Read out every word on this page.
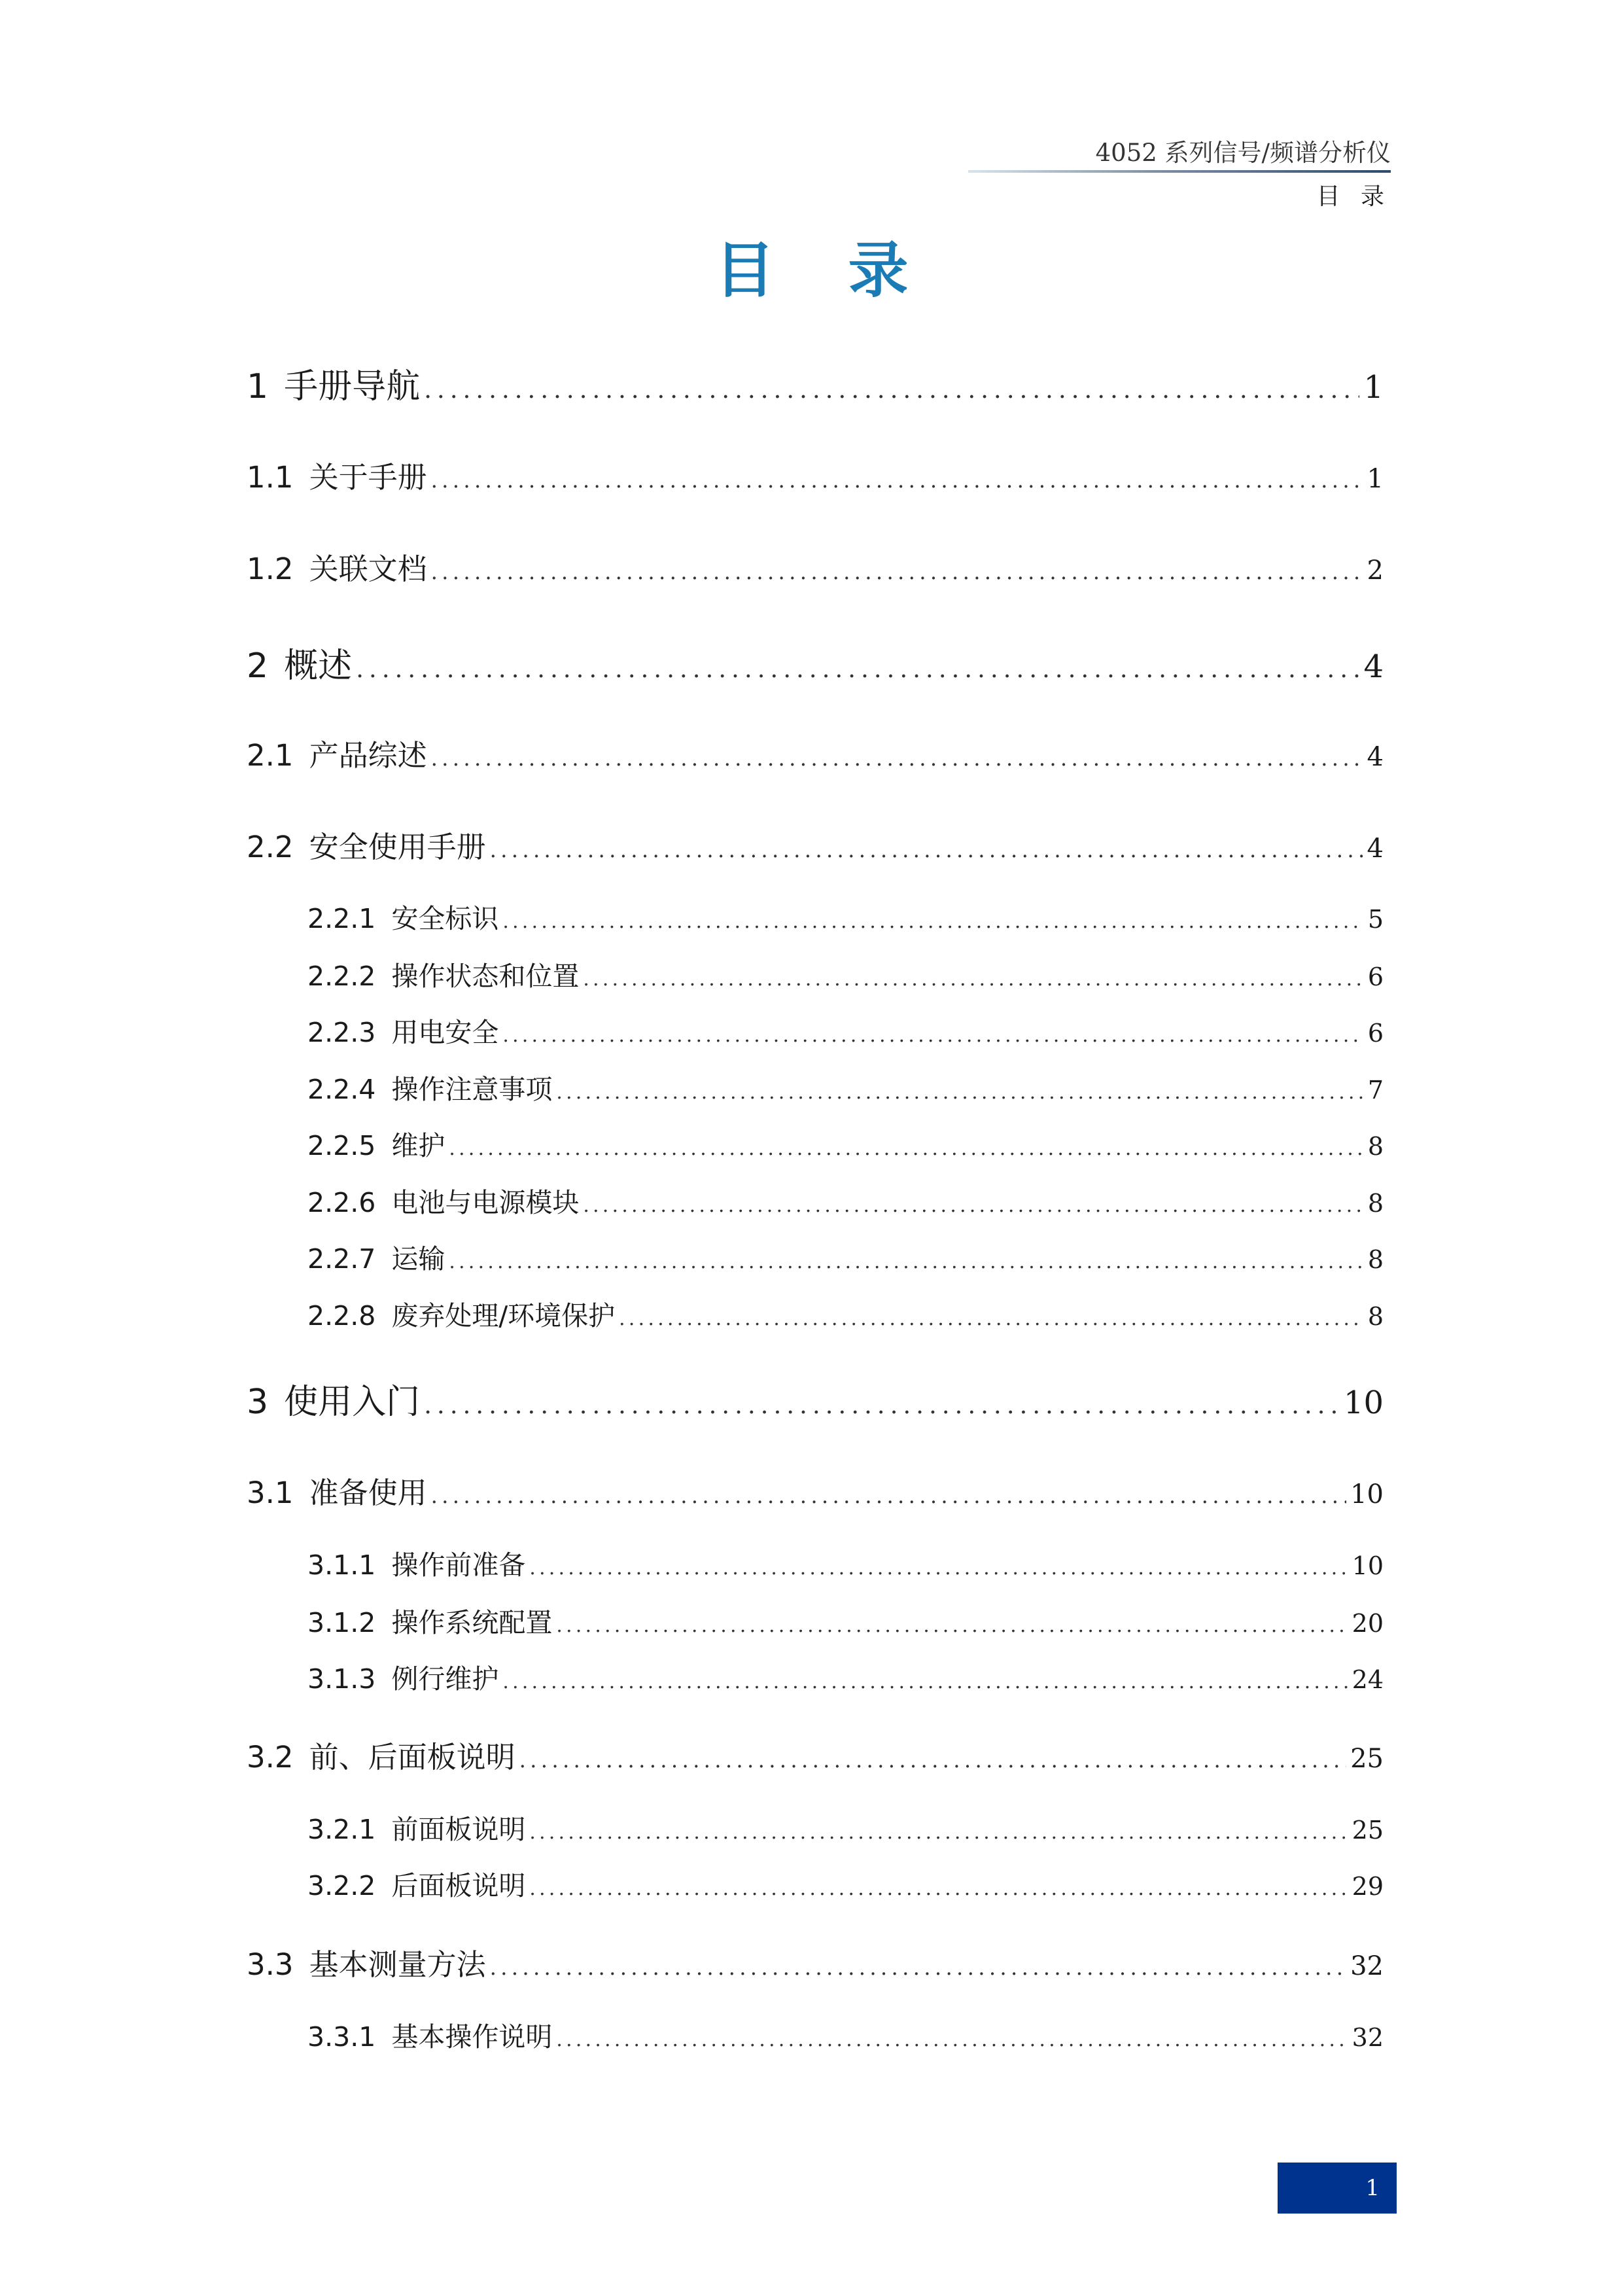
4052 系列信号/频谱分析仪
目 录
目 录
1 手册导航 . . .	1
1.1 关于手册 . . .	1
1.2 关联文档 . . .	2
2 概述 . . .	4
2.1 产品综述 . . .	4
2.2 安全使用手册 . . .	4
2.2.1 安全标识 . . .	5
2.2.2 操作状态和位置 . . .	6
2.2.3 用电安全 . . .	6
2.2.4 操作注意事项 . . .	7
2.2.5 维护 . . .	8
2.2.6 电池与电源模块 . . .	8
2.2.7 运输 . . .	8
2.2.8 废弃处理/环境保护 . . .	8
3 使用入门 . . .	10
3.1 准备使用 . . .	10
3.1.1 操作前准备 . . .	10
3.1.2 操作系统配置 . . .	20
3.1.3 例行维护 . . .	24
3.2 前、后面板说明 . . .	25
3.2.1 前面板说明 . . .	25
3.2.2 后面板说明 . . .	29
3.3 基本测量方法 . . .	32
3.3.1 基本操作说明 . . .	32
1
